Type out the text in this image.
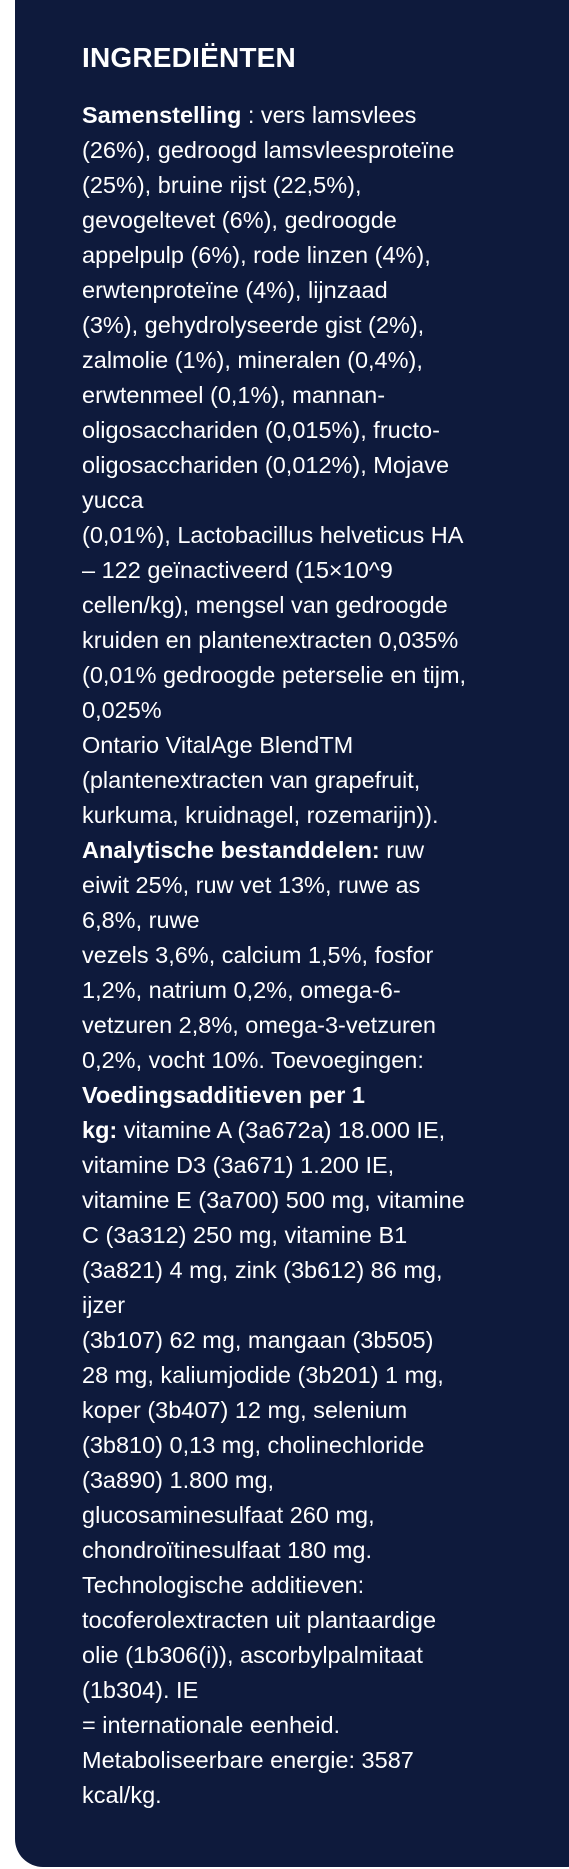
INGREDIËNTEN
Samenstelling : vers lamsvlees
(26%), gedroogd lamsvleesproteïne
(25%), bruine rijst (22,5%),
gevogeltevet (6%), gedroogde
appelpulp (6%), rode linzen (4%),
erwtenproteïne (4%), lijnzaad
(3%), gehydrolyseerde gist (2%),
zalmolie (1%), mineralen (0,4%),
erwtenmeel (0,1%), mannan-
oligosacchariden (0,015%), fructo-
oligosacchariden (0,012%), Mojave
yucca
(0,01%), Lactobacillus helveticus HA
– 122 geïnactiveerd (15×10^9
cellen/kg), mengsel van gedroogde
kruiden en plantenextracten 0,035%
(0,01% gedroogde peterselie en tijm,
0,025%
Ontario VitalAge BlendTM
(plantenextracten van grapefruit,
kurkuma, kruidnagel, rozemarijn)).
Analytische bestanddelen: ruw
eiwit 25%, ruw vet 13%, ruwe as
6,8%, ruwe
vezels 3,6%, calcium 1,5%, fosfor
1,2%, natrium 0,2%, omega-6-
vetzuren 2,8%, omega-3-vetzuren
0,2%, vocht 10%. Toevoegingen:
Voedingsadditieven per 1
kg: vitamine A (3a672a) 18.000 IE,
vitamine D3 (3a671) 1.200 IE,
vitamine E (3a700) 500 mg, vitamine
C (3a312) 250 mg, vitamine B1
(3a821) 4 mg, zink (3b612) 86 mg,
ijzer
(3b107) 62 mg, mangaan (3b505)
28 mg, kaliumjodide (3b201) 1 mg,
koper (3b407) 12 mg, selenium
(3b810) 0,13 mg, cholinechloride
(3a890) 1.800 mg,
glucosaminesulfaat 260 mg,
chondroïtinesulfaat 180 mg.
Technologische additieven:
tocoferolextracten uit plantaardige
olie (1b306(i)), ascorbylpalmitaat
(1b304). IE
= internationale eenheid.
Metaboliseerbare energie: 3587
kcal/kg.
